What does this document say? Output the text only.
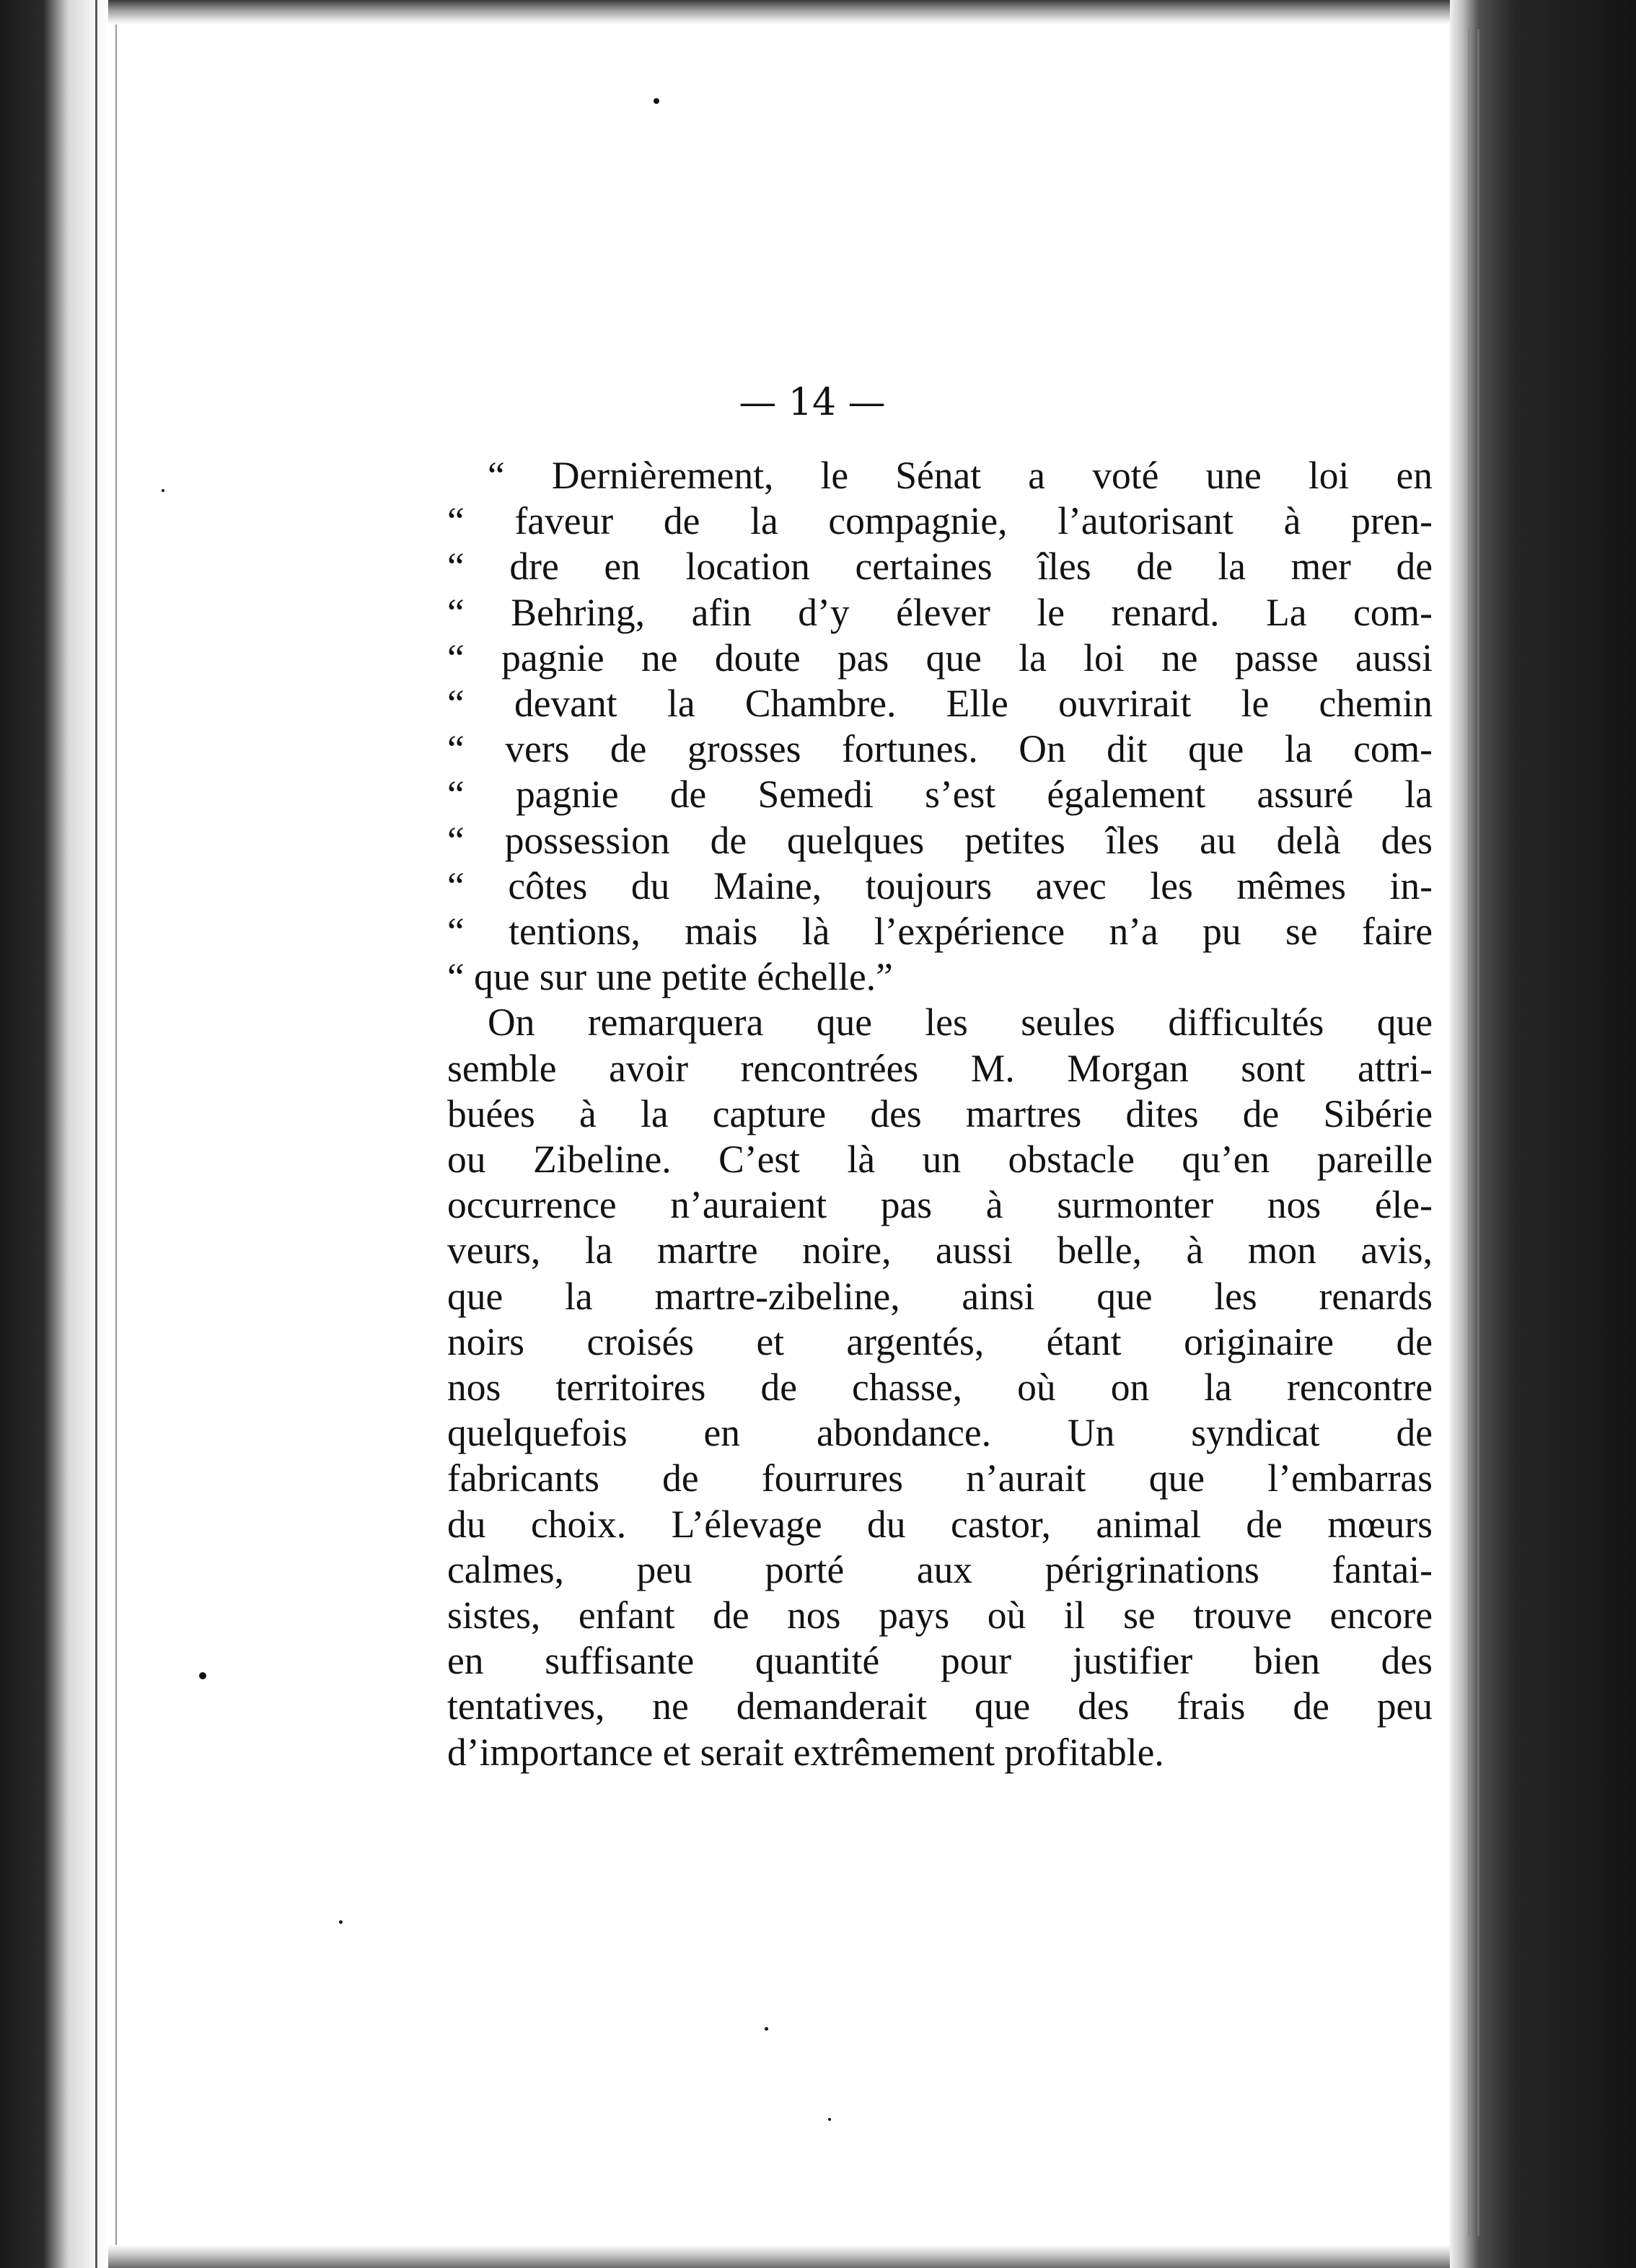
— 14 —
“ Dernièrement, le Sénat a voté une loi en
“ faveur de la compagnie, l’autorisant à pren-
“ dre en location certaines îles de la mer de
“ Behring, afin d’y élever le renard. La com-
“ pagnie ne doute pas que la loi ne passe aussi
“ devant la Chambre. Elle ouvrirait le chemin
“ vers de grosses fortunes. On dit que la com-
“ pagnie de Semedi s’est également assuré la
“ possession de quelques petites îles au delà des
“ côtes du Maine, toujours avec les mêmes in-
“ tentions, mais là l’expérience n’a pu se faire
“ que sur une petite échelle.”
On remarquera que les seules difficultés que
semble avoir rencontrées M. Morgan sont attri-
buées à la capture des martres dites de Sibérie
ou Zibeline. C’est là un obstacle qu’en pareille
occurrence n’auraient pas à surmonter nos éle-
veurs, la martre noire, aussi belle, à mon avis,
que la martre-zibeline, ainsi que les renards
noirs croisés et argentés, étant originaire de
nos territoires de chasse, où on la rencontre
quelquefois en abondance. Un syndicat de
fabricants de fourrures n’aurait que l’embarras
du choix. L’élevage du castor, animal de mœurs
calmes, peu porté aux périgrinations fantai-
sistes, enfant de nos pays où il se trouve encore
en suffisante quantité pour justifier bien des
tentatives, ne demanderait que des frais de peu
d’importance et serait extrêmement profitable.
